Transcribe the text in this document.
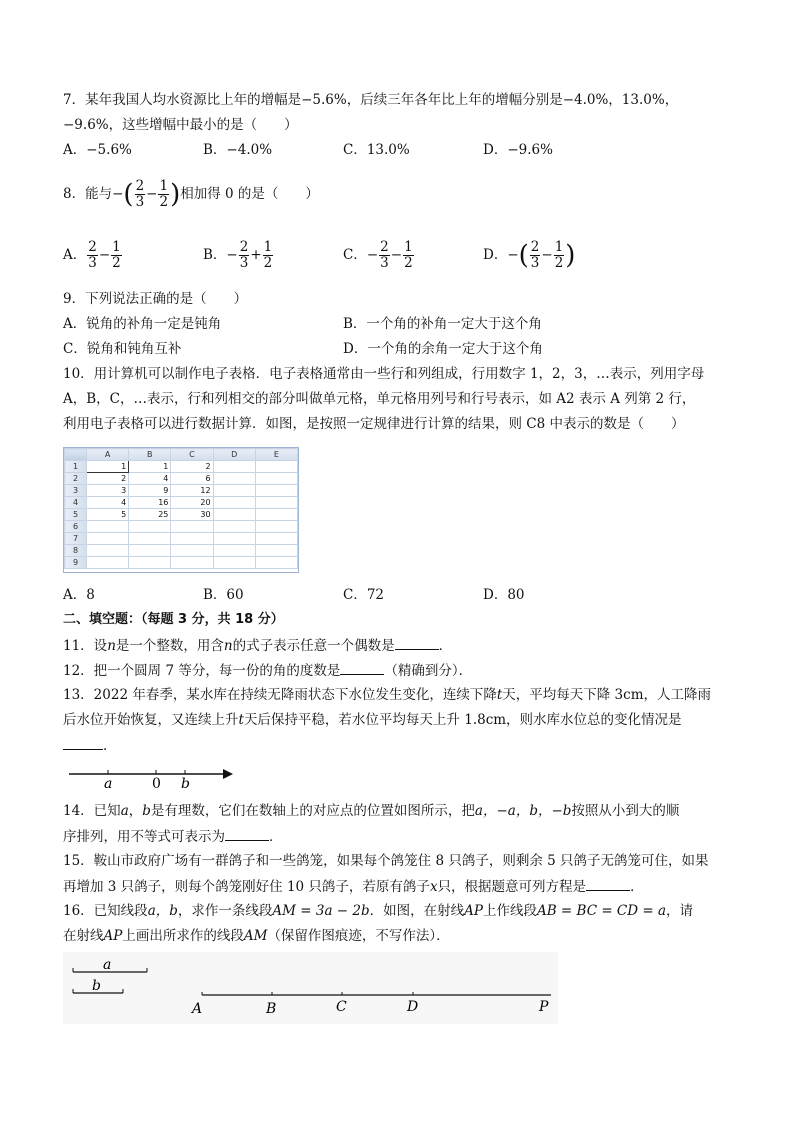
7．某年我国人均水资源比上年的增幅是−5.6%，后续三年各年比上年的增幅分别是−4.0%，13.0%，
−9.6%，这些增幅中最小的是（　　）
A．−5.6%	B．−4.0%	C．13.0%	D．−9.6%
8．能与−( $\frac{2}{3} - \frac{1}{2}$ )相加得 0 的是（　　）
A． $\frac{2}{3} - \frac{1}{2}$	B．− $\frac{2}{3} + \frac{1}{2}$	C．− $\frac{2}{3} - \frac{1}{2}$	D．−( $\frac{2}{3} - \frac{1}{2}$ )
9．下列说法正确的是（　　）
A．锐角的补角一定是钝角	B．一个角的补角一定大于这个角
C．锐角和钝角互补	D．一个角的余角一定大于这个角
10．用计算机可以制作电子表格．电子表格通常由一些行和列组成，行用数字 1，2，3，…表示，列用字母
A，B，C，…表示，行和列相交的部分叫做单元格，单元格用列号和行号表示，如 A2 表示 A 列第 2 行，
利用电子表格可以进行数据计算．如图，是按照一定规律进行计算的结果，则 C8 中表示的数是（　　）
	A	B	C	D	E
1	1	1	2		
2	2	4	6		
3	3	9	12		
4	4	16	20		
5	5	25	30		
6					
7					
8					
9					
A．8	B．60	C．72	D．80
二、填空题：（每题 3 分，共 18 分）
11．设n是一个整数，用含n的式子表示任意一个偶数是	．
12．把一个圆周 7 等分，每一份的角的度数是	（精确到分）．
13．2022 年春季，某水库在持续无降雨状态下水位发生变化，连续下降t天，平均每天下降 3cm，人工降雨
后水位开始恢复，又连续上升t天后保持平稳，若水位平均每天上升 1.8cm，则水库水位总的变化情况是
．
a	0 b
14．已知a，b是有理数，它们在数轴上的对应点的位置如图所示，把a，−a，b，−b按照从小到大的顺
序排列，用不等式可表示为	．
15．鞍山市政府广场有一群鸽子和一些鸽笼，如果每个鸽笼住 8 只鸽子，则剩余 5 只鸽子无鸽笼可住，如果
再增加 3 只鸽子，则每个鸽笼刚好住 10 只鸽子，若原有鸽子x只，根据题意可列方程是	．
16．已知线段a，b，求作一条线段AM = 3a − 2b．如图，在射线AP上作线段AB = BC = CD = a，请
在射线AP上画出所求作的线段AM（保留作图痕迹，不写作法）．
a
b
A	B	C	D	P
